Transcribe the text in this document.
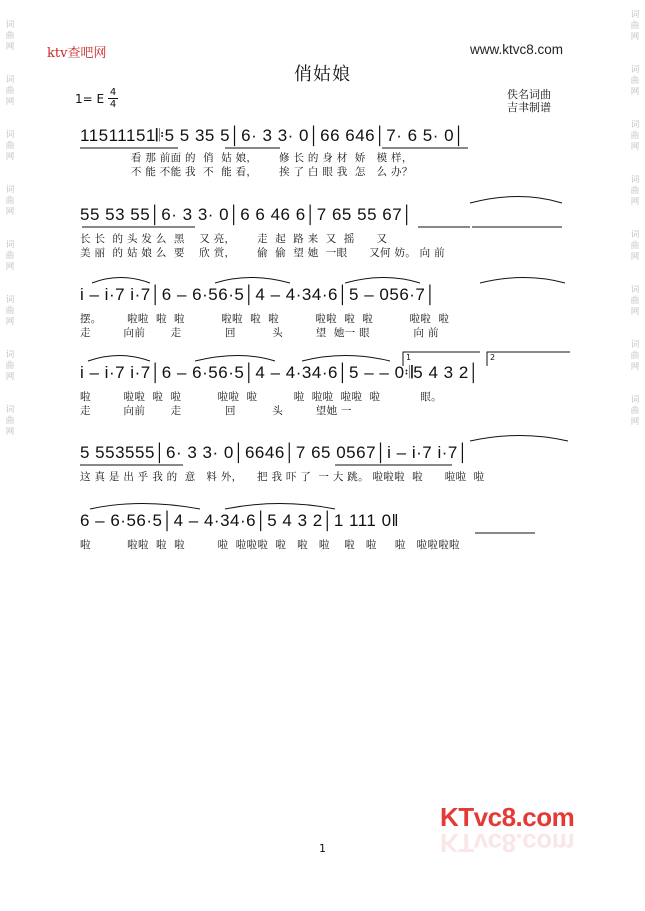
词
曲
网
词
曲
网
词
曲
网
词
曲
网
词
曲
网
词
曲
网
词
曲
网
词
曲
网
词
曲
网
词
曲
网
词
曲
网
词
曲
网
词
曲
网
词
曲
网
词
曲
网
词
曲
网
ktv查吧网	www.ktvc8.com
俏姑娘
1= E 4
4
佚名词曲
吉聿制谱
11511151𝄆5 5 35 5│6· 3 3· 0│66 646│7· 6 5· 0│
看 那 前面 的  俏  姑 娘，      修 长 的 身 材  娇   模 样，
不 能 不能 我  不  能 看，      挨 了 白 眼 我  怎   么 办？
55 53 55│6· 3 3· 0│6 6 46 6│7 65 55 67│
长 长  的 头 发 么  黑    又 亮，      走  起  路 来  又  摇      又
美 丽  的 姑 娘 么  要    欣 赏，      偷  偷  望 她  一眼      又何 妨。 向 前
i – i·7 i·7│6 – 6·56·5│4 – 4·34·6│5 – 056·7│
摆。       啦啦  啦  啦          啦啦  啦  啦          啦啦  啦  啦          啦啦  啦
走         向前       走            回          头         望  她一 眼            向 前
i – i·7 i·7│6 – 6·56·5│4 – 4·34·6│5 – – 0𝄇5 4 3 2│
啦         啦啦  啦  啦          啦啦  啦          啦  啦啦  啦啦  啦           眼。
走         向前       走            回          头         望她 一
5 553555│6· 3 3· 0│6646│7 65 0567│i – i·7 i·7│
这 真 是 出 乎 我 的  意   料 外，    把 我 吓 了  一 大 跳。 啦啦啦  啦      啦啦  啦
6 – 6·56·5│4 – 4·34·6│5 4 3 2│1 111 0‖
啦          啦啦  啦  啦         啦  啦啦啦  啦   啦   啦    啦   啦     啦   啦啦啦啦
1	2
KTvc8.com
KTvc8.com
1
